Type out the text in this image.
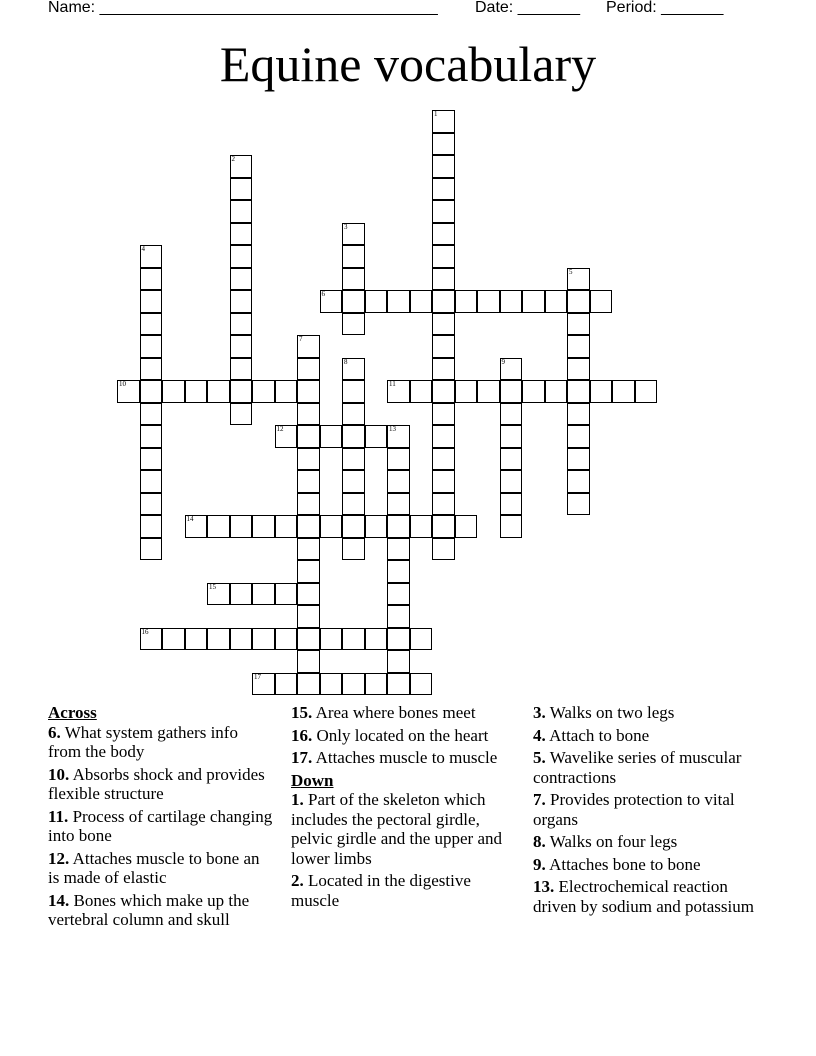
Name: ______________________________________ Date: _______ Period: _______
Equine vocabulary
1
2
3
4
5
6
7
8	9
10	11
12	13
14
15
16
17

Across

6. What system gathers info from the body

10. Absorbs shock and provides flexible structure

11. Process of cartilage changing into bone

12. Attaches muscle to bone an is made of elastic

14. Bones which make up the vertebral column and skull

15. Area where bones meet

16. Only located on the heart

17. Attaches muscle to muscle

Down

1. Part of the skeleton which includes the pectoral girdle, pelvic girdle and the upper and lower limbs

2. Located in the digestive muscle

3. Walks on two legs

4. Attach to bone

5. Wavelike series of muscular contractions

7. Provides protection to vital organs

8. Walks on four legs

9. Attaches bone to bone

13. Electrochemical reaction driven by sodium and potassium
